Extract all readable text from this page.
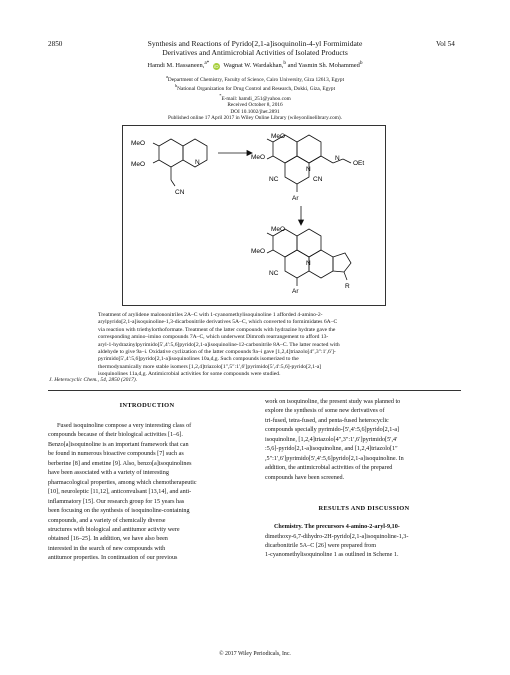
2850	Vol 54
Synthesis and Reactions of Pyrido[2,1-a]isoquinolin-4-yl Formimidate
Derivatives and Antimicrobial Activities of Isolated Products
Hamdi M. Hassaneen,$^{a*}$ iD Wagnat W. Wardakhan,$^b$ and Yasmin Sh. Mohammed$^b$
$^a$Department of Chemistry, Faculty of Science, Cairo University, Giza 12613, Egypt
$^b$National Organization for Drug Control and Research, Dokki, Giza, Egypt
*E-mail: hamdi_251@yahoo.com
Received October 8, 2016
DOI 10.1002/jhet.2891
Published online 17 April 2017 in Wiley Online Library (wileyonlinelibrary.com).
MeO
MeO	N
CN
MeO
MeO
N
N
OEt
NC	CN
Ar
MeO
MeO
N
NC
Ar
R
Treatment of arylidene malononitriles 2A–C with 1-cyanomethylisoquinoline 1 afforded 4-amino-2-
arylpyrido[2,1-a]isoquinoline-1,3-dicarbonitrile derivatives 5A–C, which converted to formimidates 6A–C
via reaction with triethylorthoformate. Treatment of the latter compounds with hydrazine hydrate gave the
corresponding amino–imino compounds 7A–C, which underwent Dimroth rearrangement to afford 13-
aryl-1-hydrazinylpyrimido[5′,4′:5,6]pyrido[2,1-a]isoquinoline-12-carbonitrile 8A–C. The latter reacted with
aldehyde to give 9a–i. Oxidative cyclization of the latter compounds 9a–i gave [1,2,4]triazolo[4″,3″:1′,6′]-
pyrimido[5′,4′:5,6]pyrido[2,1-a]isoquinolines 10a,d,g. Such compounds isomerized to the
thermodynamically more stable isomers [1,2,4]triazolo[1″,5″:1′,6′]pyrimido[5′,4′:5,6]-pyrido[2,1-a]
isoquinolines 11a,d,g. Antimicrobial activities for some compounds were studied.
J. Heterocyclic Chem., 54, 2850 (2017).
INTRODUCTION
Fused isoquinoline compose a very interesting class of
compounds because of their biological activities [1–6].
Benzo[a]isoquinoline is an important framework that can
be found in numerous bioactive compounds [7] such as
berberine [8] and emetine [9]. Also, benzo[a]isoquinolines
have been associated with a variety of interesting
pharmacological properties, among which chemotherapeutic
[10], neuroleptic [11,12], anticonvulsant [13,14], and anti-
inflammatory [15]. Our research group for 15 years has
been focusing on the synthesis of isoquinoline-containing
compounds, and a variety of chemically diverse
structures with biological and antitumor activity were
obtained [16–25]. In addition, we have also been
interested in the search of new compounds with
antitumor properties. In continuation of our previous
work on isoquinoline, the present study was planned to
explore the synthesis of some new derivatives of
tri-fused, tetra-fused, and penta-fused heterocyclic
compounds specially pyrimido-[5′,4′:5,6]pyrido[2,1-a]
isoquinoline, [1,2,4]triazolo[4″,3″:1′,6′]pyrimido[5′,4′
:5,6]-pyrido[2,1-a]isoquinoline, and [1,2,4]triazolo[1″
,5″:1′,6′]pyrimido[5′,4′:5,6]pyrido[2,1-a]isoquinoline. In
addition, the antimicrobial activities of the prepared
compounds have been screened.
RESULTS AND DISCUSSION
Chemistry. The precursors 4-amino-2-aryl-9,10-
dimethoxy-6,7-dihydro-2H-pyrido[2,1-a]isoquinoline-1,3-
dicarbonitrile 5A–C [26] were prepared from
1-cyanomethylisoquinoline 1 as outlined in Scheme 1.
© 2017 Wiley Periodicals, Inc.
